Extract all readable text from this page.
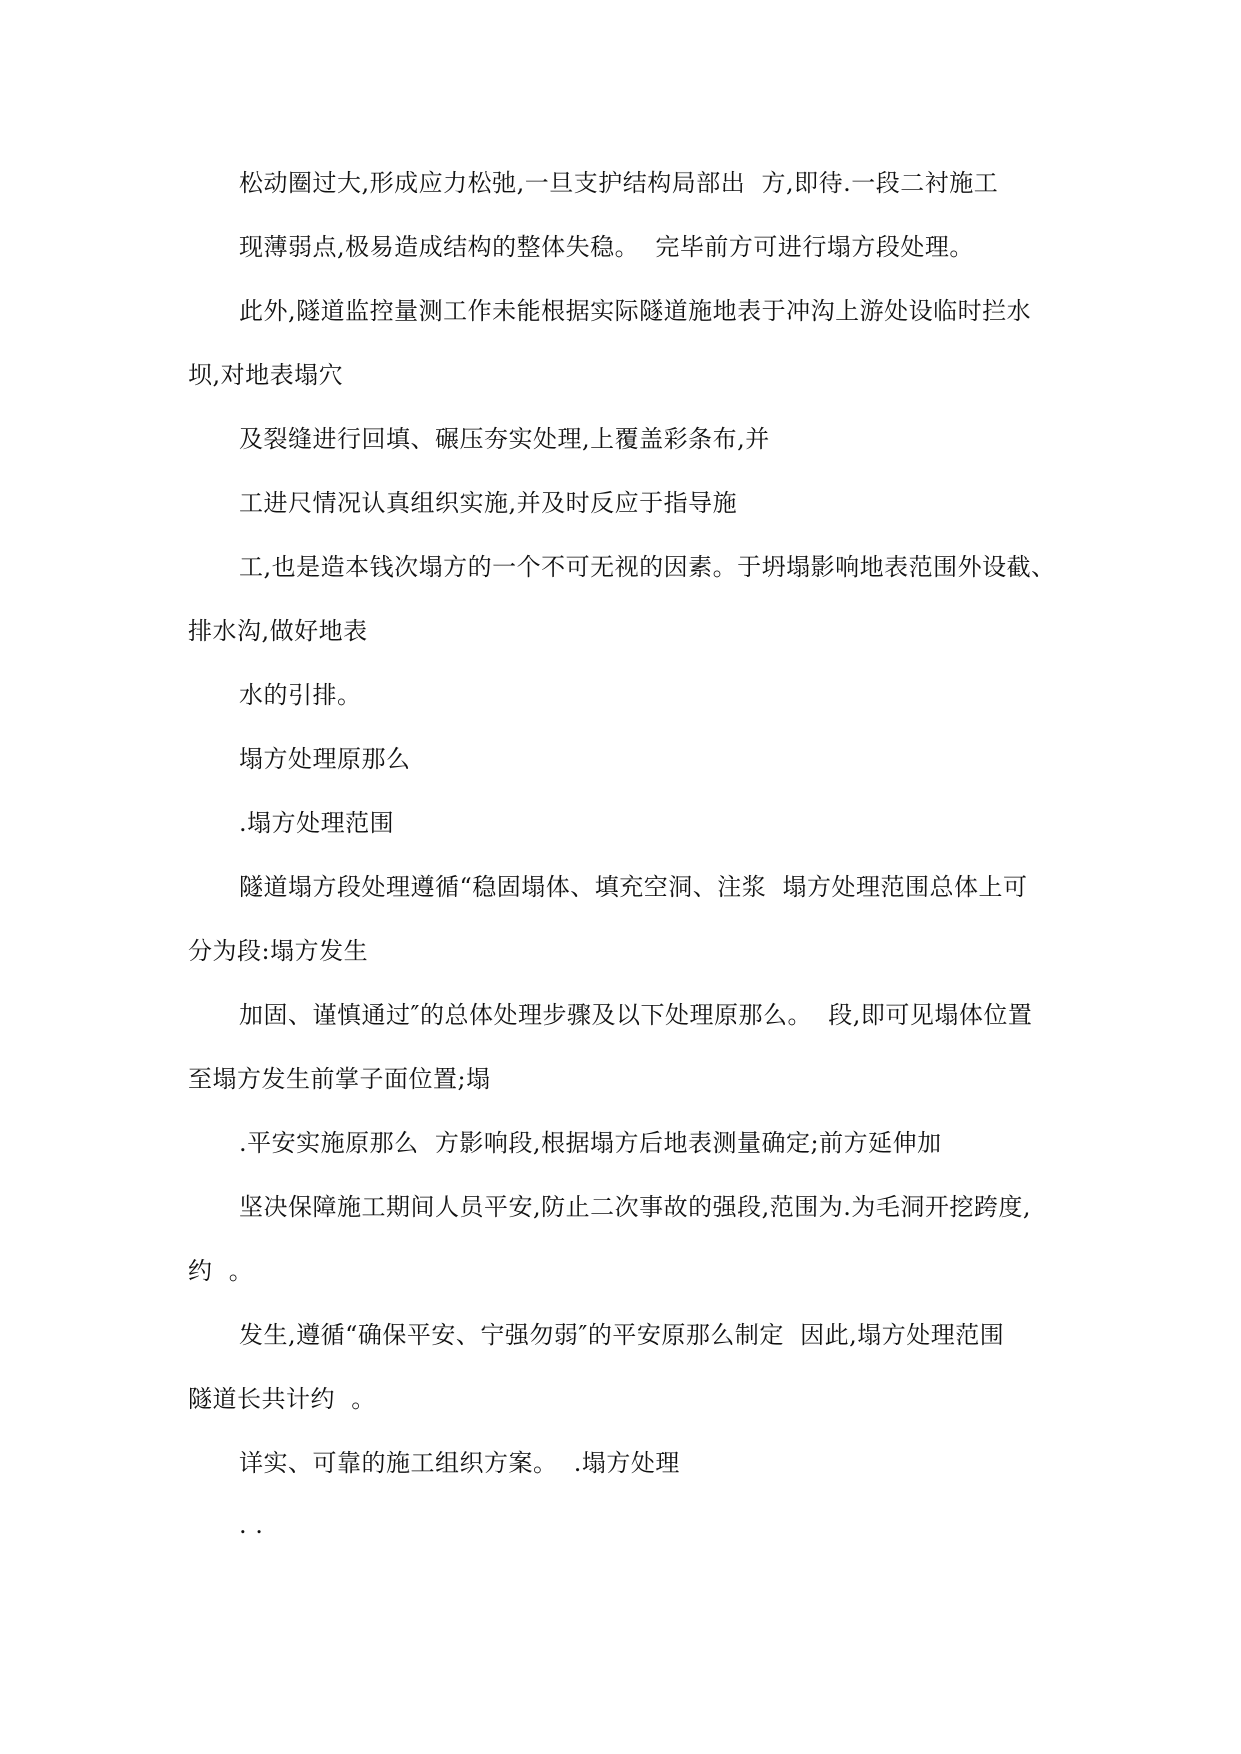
松动圈过大,形成应力松弛,一旦支护结构局部出  方,即待.一段二衬施工
现薄弱点,极易造成结构的整体失稳。  完毕前方可进行塌方段处理。
此外,隧道监控量测工作未能根据实际隧道施地表于冲沟上游处设临时拦水
坝,对地表塌穴
及裂缝进行回填、碾压夯实处理,上覆盖彩条布,并
工进尺情况认真组织实施,并及时反应于指导施
工,也是造本钱次塌方的一个不可无视的因素。于坍塌影响地表范围外设截、
排水沟,做好地表
水的引排。
塌方处理原那么
.塌方处理范围
隧道塌方段处理遵循“稳固塌体、填充空洞、注浆  塌方处理范围总体上可
分为段:塌方发生
加固、谨慎通过″的总体处理步骤及以下处理原那么。  段,即可见塌体位置
至塌方发生前掌子面位置;塌
.平安实施原那么  方影响段,根据塌方后地表测量确定;前方延伸加
坚决保障施工期间人员平安,防止二次事故的强段,范围为.为毛洞开挖跨度,
约  。
发生,遵循“确保平安、宁强勿弱″的平安原那么制定  因此,塌方处理范围
隧道长共计约  。
详实、可靠的施工组织方案。  .塌方处理
. .
